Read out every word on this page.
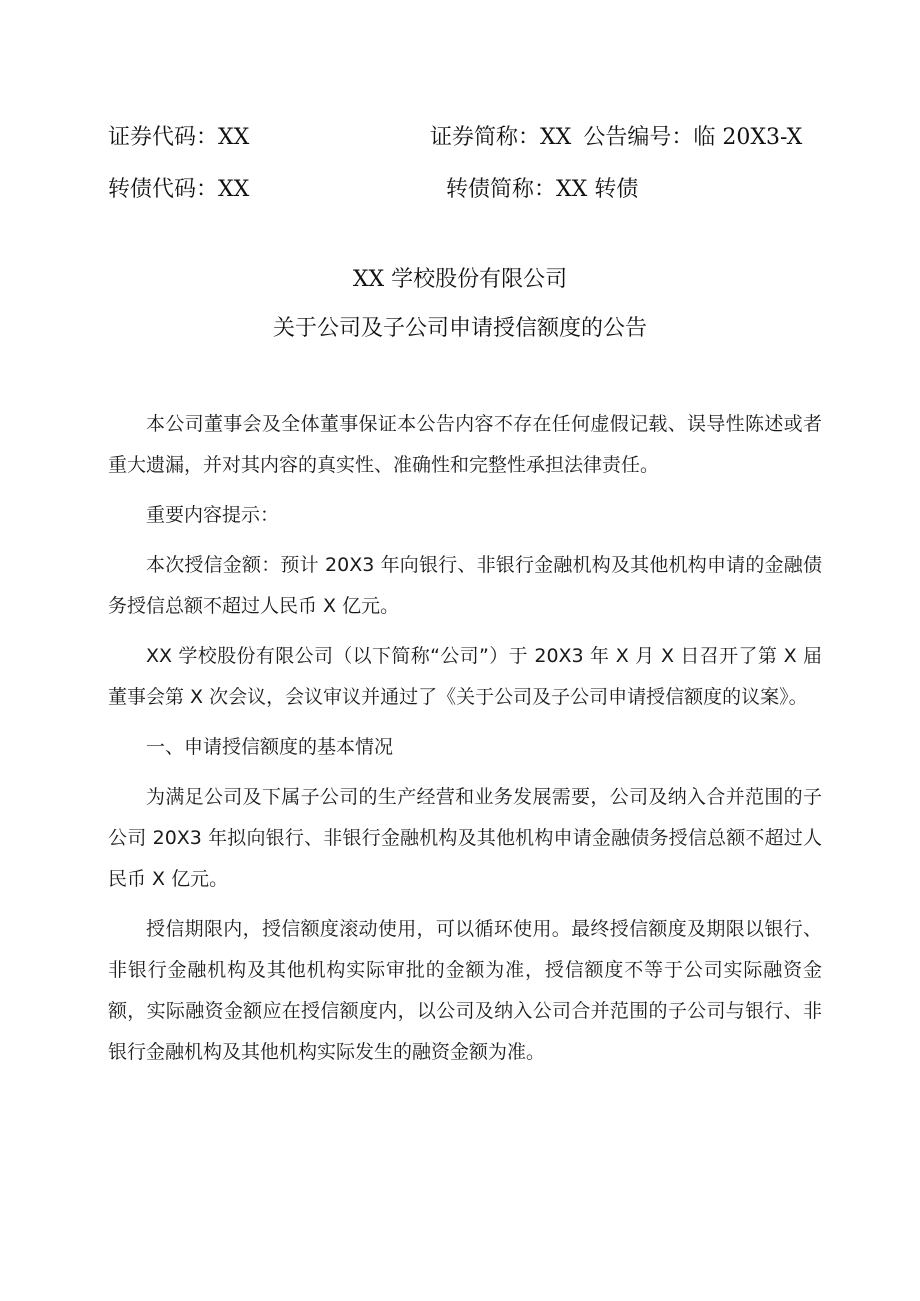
证券代码：XX	证券简称：XX 公告编号：临 20X3-X
转债代码：XX	转债简称：XX 转债
XX 学校股份有限公司
关于公司及子公司申请授信额度的公告

本公司董事会及全体董事保证本公告内容不存在任何虚假记载、误导性陈述或者重大遗漏，并对其内容的真实性、准确性和完整性承担法律责任。

重要内容提示：

本次授信金额：预计 20X3 年向银行、非银行金融机构及其他机构申请的金融债务授信总额不超过人民币 X 亿元。

XX 学校股份有限公司（以下简称“公司”）于 20X3 年 X 月 X 日召开了第 X 届董事会第 X 次会议，会议审议并通过了《关于公司及子公司申请授信额度的议案》。

一、申请授信额度的基本情况

为满足公司及下属子公司的生产经营和业务发展需要，公司及纳入合并范围的子公司 20X3 年拟向银行、非银行金融机构及其他机构申请金融债务授信总额不超过人民币 X 亿元。

授信期限内，授信额度滚动使用，可以循环使用。最终授信额度及期限以银行、非银行金融机构及其他机构实际审批的金额为准，授信额度不等于公司实际融资金额，实际融资金额应在授信额度内，以公司及纳入公司合并范围的子公司与银行、非银行金融机构及其他机构实际发生的融资金额为准。
